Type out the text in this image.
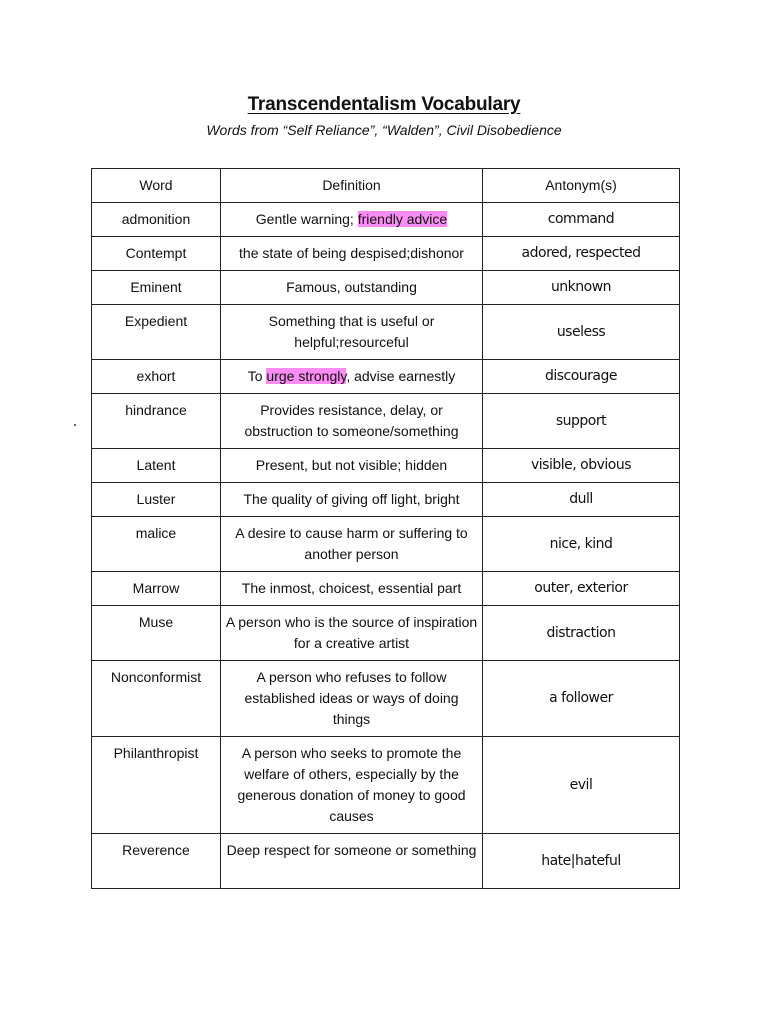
Transcendentalism Vocabulary
Words from “Self Reliance”, “Walden”, Civil Disobedience
Word	Definition	Antonym(s)
admonition	Gentle warning; friendly advice	command
Contempt	the state of being despised;dishonor	adored, respected
Eminent	Famous, outstanding	unknown
Expedient	Something that is useful or helpful;resourceful	useless
exhort	To urge strongly, advise earnestly	discourage
hindrance	Provides resistance, delay, or obstruction to someone/something	support
Latent	Present, but not visible; hidden	visible, obvious
Luster	The quality of giving off light, bright	dull
malice	A desire to cause harm or suffering to another person	nice, kind
Marrow	The inmost, choicest, essential part	outer, exterior
Muse	A person who is the source of inspiration for a creative artist	distraction
Nonconformist	A person who refuses to follow established ideas or ways of doing things	a follower
Philanthropist	A person who seeks to promote the welfare of others, especially by the generous donation of money to good causes	evil
Reverence	Deep respect for someone or something	hate|hateful
